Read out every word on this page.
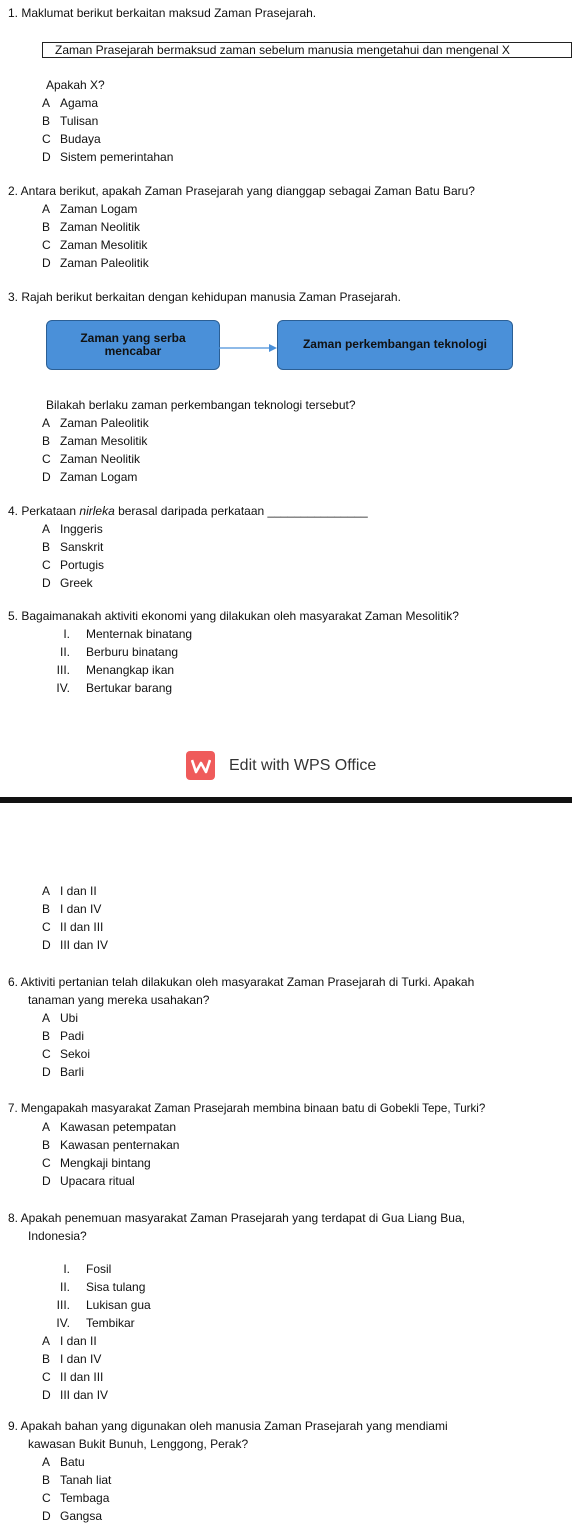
1. Maklumat berikut berkaitan maksud Zaman Prasejarah.
Zaman Prasejarah bermaksud zaman sebelum manusia mengetahui dan mengenal X
Apakah X?
A Agama
B Tulisan
C Budaya
D Sistem pemerintahan
2. Antara berikut, apakah Zaman Prasejarah yang dianggap sebagai Zaman Batu Baru?
A Zaman Logam
B Zaman Neolitik
C Zaman Mesolitik
D Zaman Paleolitik
3. Rajah berikut berkaitan dengan kehidupan manusia Zaman Prasejarah.
Zaman yang serba mencabar	Zaman perkembangan teknologi
Bilakah berlaku zaman perkembangan teknologi tersebut?
A Zaman Paleolitik
B Zaman Mesolitik
C Zaman Neolitik
D Zaman Logam
4. Perkataan nirleka berasal daripada perkataan _______________
A Inggeris
B Sanskrit
C Portugis
D Greek
5. Bagaimanakah aktiviti ekonomi yang dilakukan oleh masyarakat Zaman Mesolitik?
I. Menternak binatang
II. Berburu binatang
III. Menangkap ikan
IV. Bertukar barang
Edit with WPS Office
A I dan II
B I dan IV
C II dan III
D III dan IV
6. Aktiviti pertanian telah dilakukan oleh masyarakat Zaman Prasejarah di Turki. Apakah
tanaman yang mereka usahakan?
A Ubi
B Padi
C Sekoi
D Barli
7. Mengapakah masyarakat Zaman Prasejarah membina binaan batu di Gobekli Tepe, Turki?
A Kawasan petempatan
B Kawasan penternakan
C Mengkaji bintang
D Upacara ritual
8. Apakah penemuan masyarakat Zaman Prasejarah yang terdapat di Gua Liang Bua,
Indonesia?
I. Fosil
II. Sisa tulang
III. Lukisan gua
IV. Tembikar
A I dan II
B I dan IV
C II dan III
D III dan IV
9. Apakah bahan yang digunakan oleh manusia Zaman Prasejarah yang mendiami
kawasan Bukit Bunuh, Lenggong, Perak?
A Batu
B Tanah liat
C Tembaga
D Gangsa
